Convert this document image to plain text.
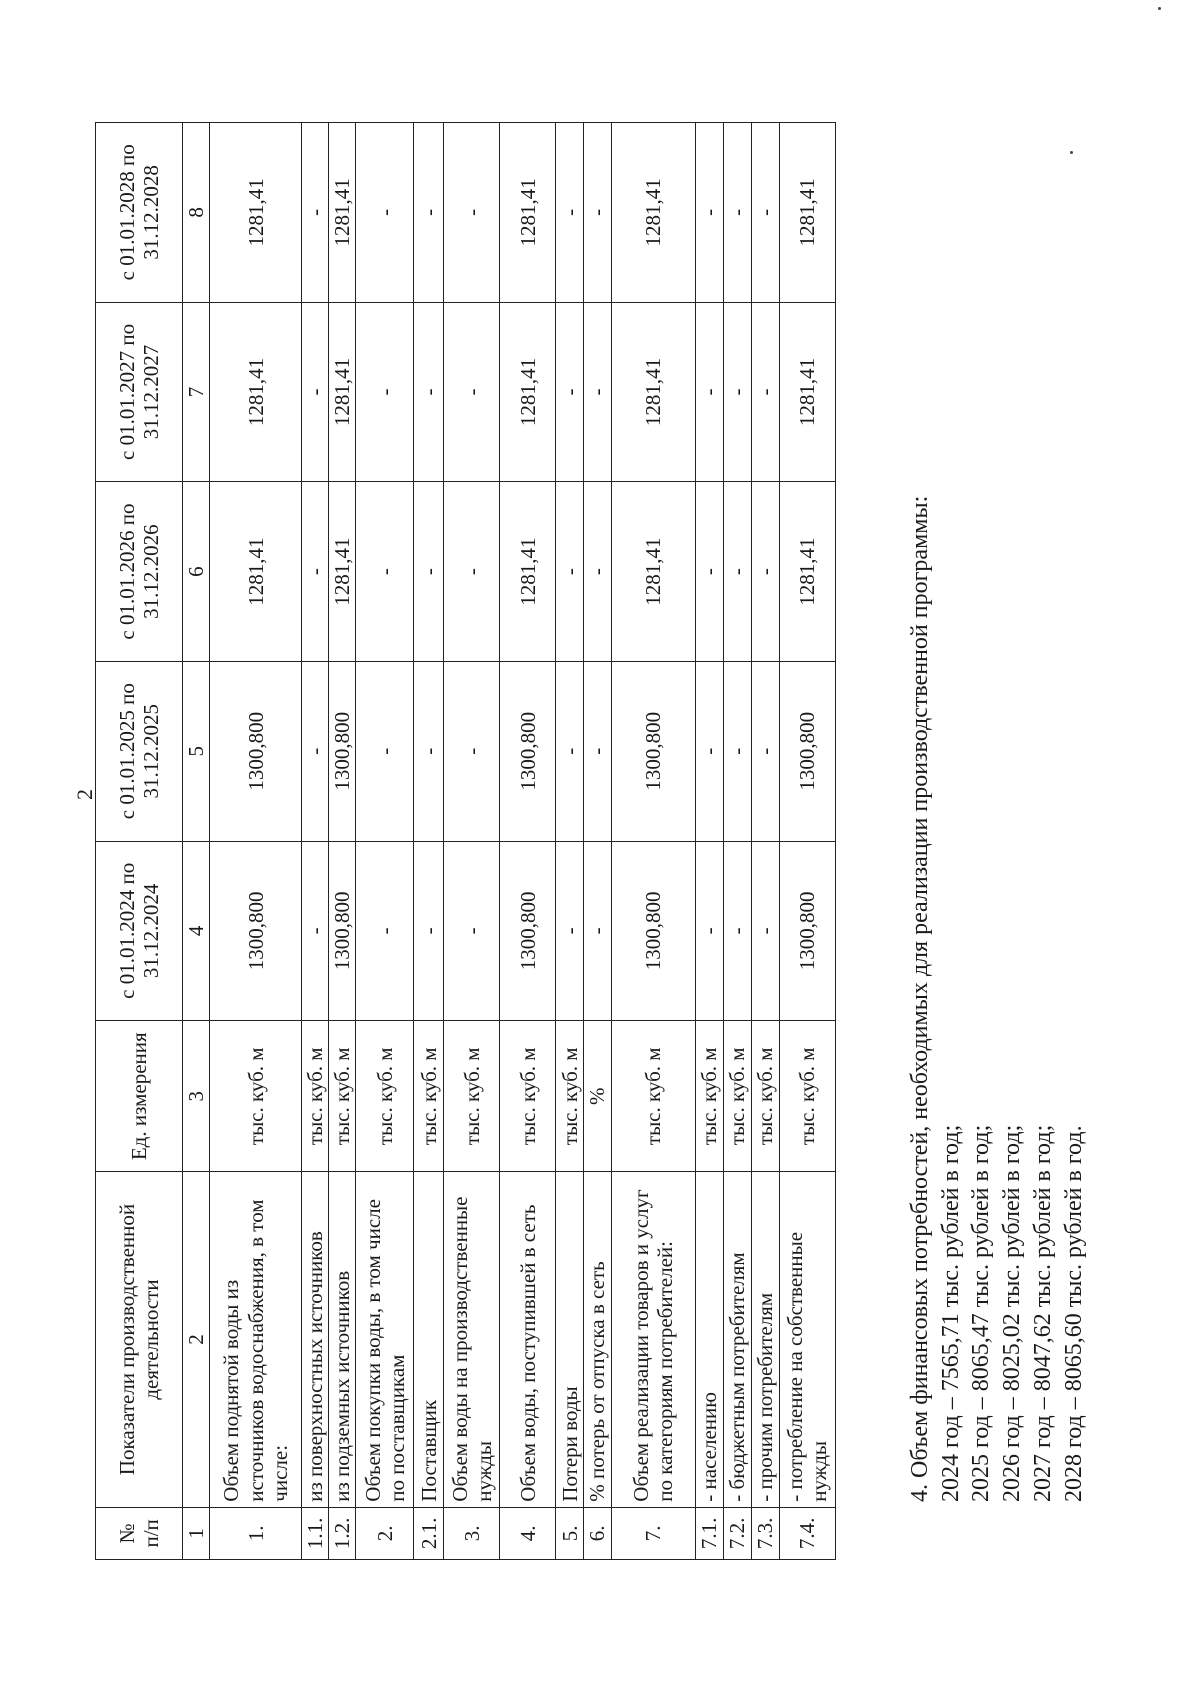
2
№ п/п	Показатели производственной деятельности	Ед. измерения	с 01.01.2024 по 31.12.2024	с 01.01.2025 по 31.12.2025	с 01.01.2026 по 31.12.2026	с 01.01.2027 по 31.12.2027	с 01.01.2028 по 31.12.2028
1	2	3	4	5	6	7	8
1.	Объем поднятой воды из источников водоснабжения, в том числе:	тыс. куб. м	1300,800	1300,800	1281,41	1281,41	1281,41
1.1.	из поверхностных источников	тыс. куб. м	-	-	-	-	-
1.2.	из подземных источников	тыс. куб. м	1300,800	1300,800	1281,41	1281,41	1281,41
2.	Объем покупки воды, в том числе по поставщикам	тыс. куб. м	-	-	-	-	-
2.1.	Поставщик	тыс. куб. м	-	-	-	-	-
3.	Объем воды на производственные нужды	тыс. куб. м	-	-	-	-	-
4.	Объем воды, поступившей в сеть	тыс. куб. м	1300,800	1300,800	1281,41	1281,41	1281,41
5.	Потери воды	тыс. куб. м	-	-	-	-	-
6.	% потерь от отпуска в сеть	%	-	-	-	-	-
7.	Объем реализации товаров и услуг по категориям потребителей:	тыс. куб. м	1300,800	1300,800	1281,41	1281,41	1281,41
7.1.	- населению	тыс. куб. м	-	-	-	-	-
7.2.	- бюджетным потребителям	тыс. куб. м	-	-	-	-	-
7.3.	- прочим потребителям	тыс. куб. м	-	-	-	-	-
7.4.	- потребление на собственные нужды	тыс. куб. м	1300,800	1300,800	1281,41	1281,41	1281,41
4. Объем финансовых потребностей, необходимых для реализации производственной программы: 2024 год – 7565,71 тыс. рублей в год; 2025 год – 8065,47 тыс. рублей в год; 2026 год – 8025,02 тыс. рублей в год; 2027 год – 8047,62 тыс. рублей в год; 2028 год – 8065,60 тыс. рублей в год.
